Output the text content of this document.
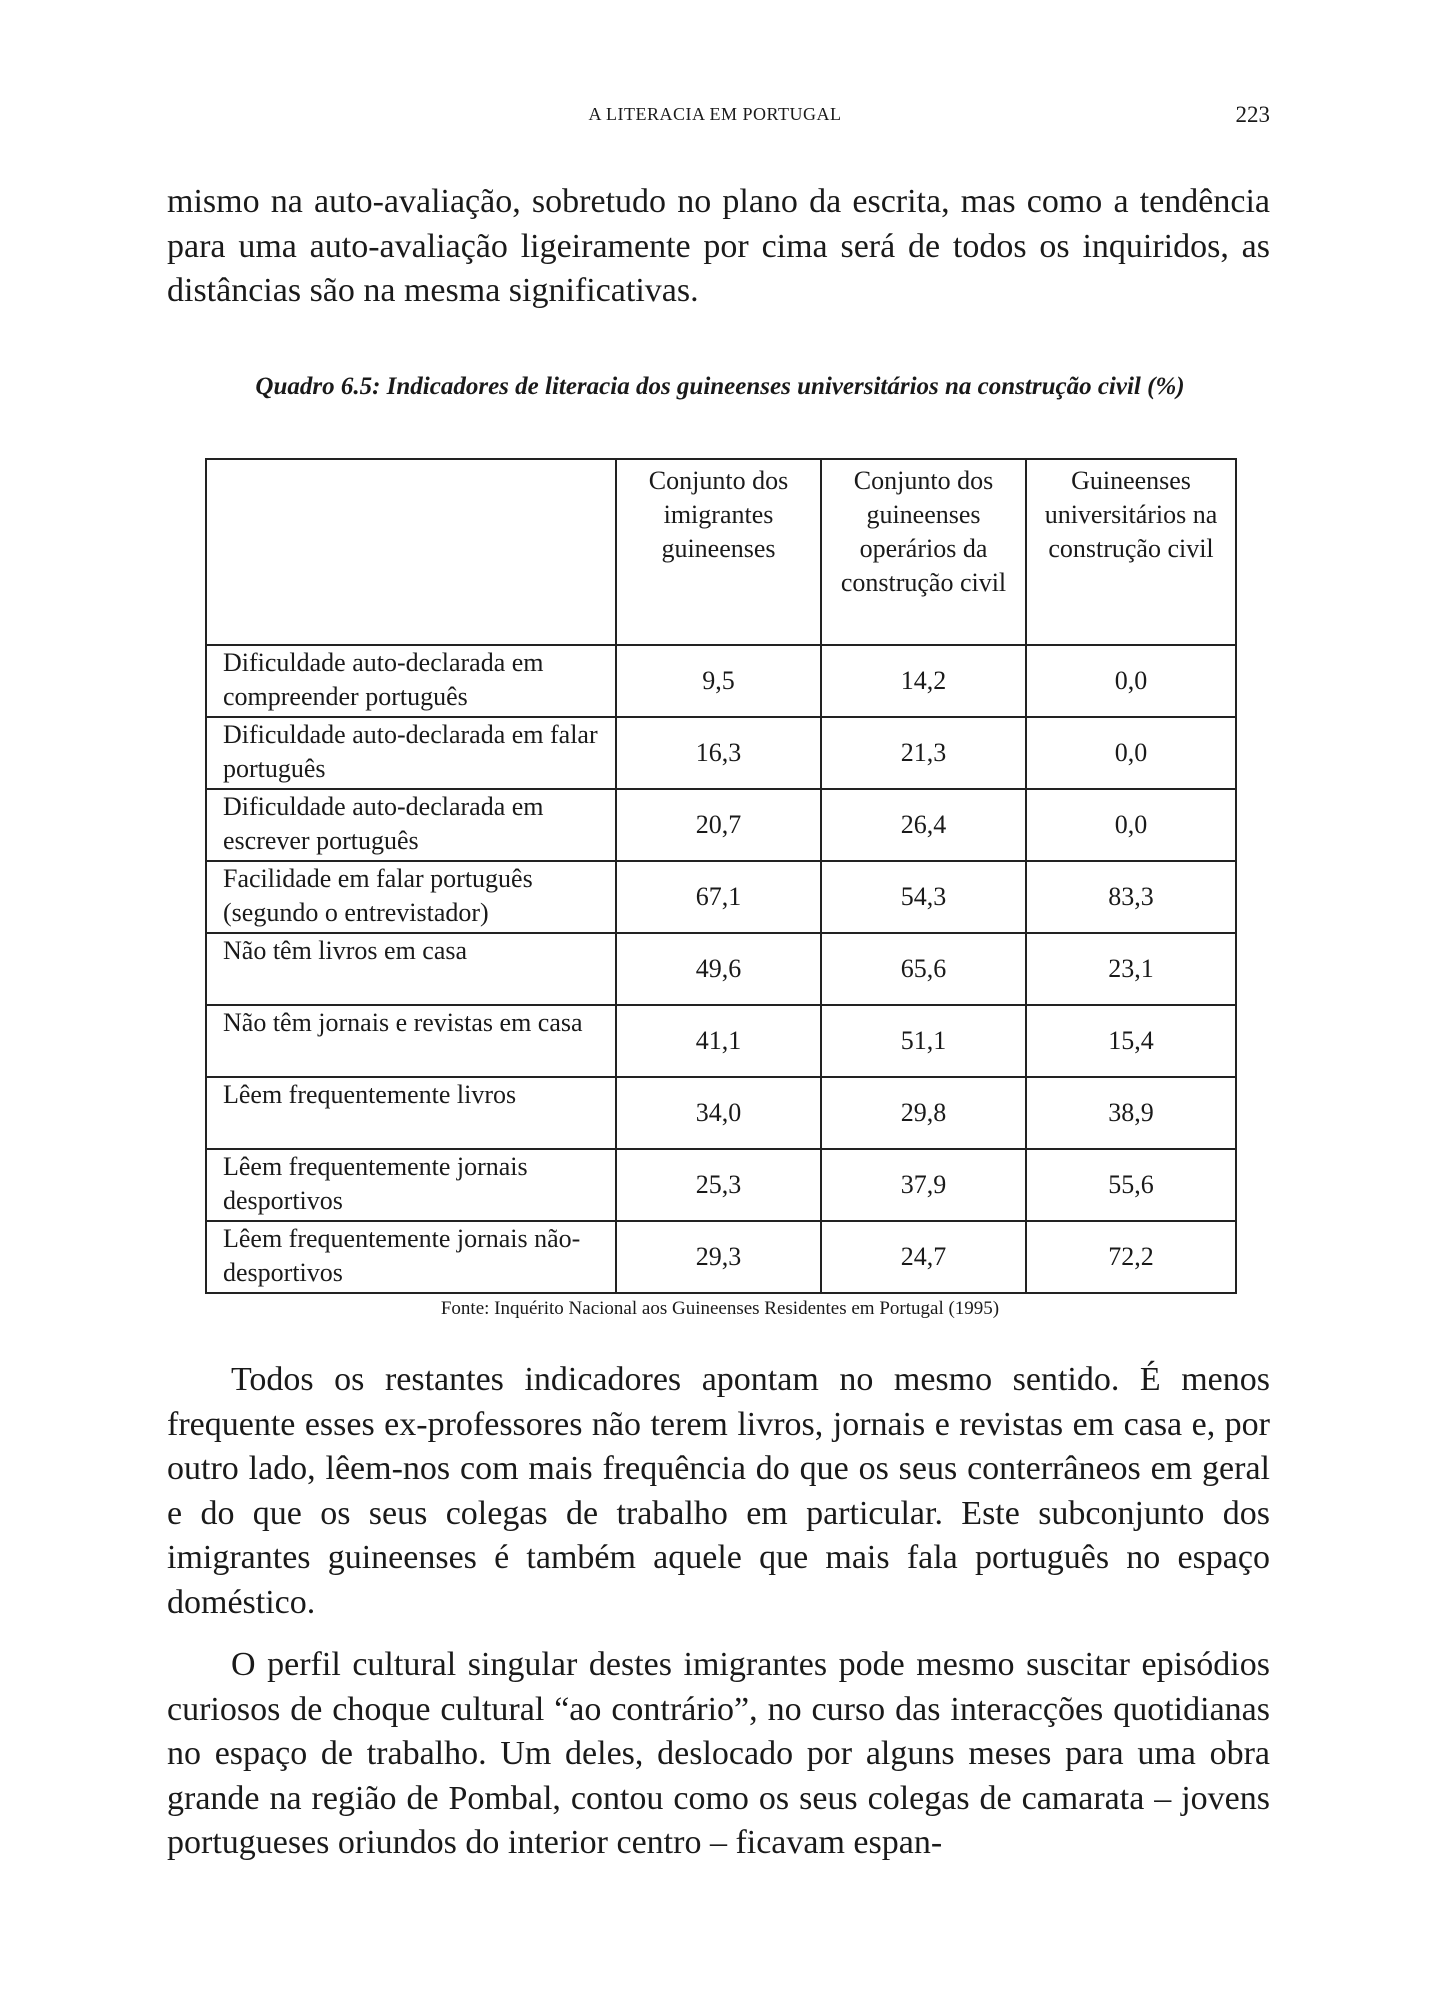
A LITERACIA EM PORTUGAL	223

mismo na auto-avaliação, sobretudo no plano da escrita, mas como a tendência para uma auto-avaliação ligeiramente por cima será de todos os inquiridos, as distâncias são na mesma significativas.

Quadro 6.5: Indicadores de literacia dos guineenses universitários na construção civil (%)

	Conjunto dos imigrantes guineenses	Conjunto dos guineenses operários da construção civil	Guineenses universitários na construção civil
Dificuldade auto-declarada em compreender português	9,5	14,2	0,0
Dificuldade auto-declarada em falar português	16,3	21,3	0,0
Dificuldade auto-declarada em escrever português	20,7	26,4	0,0
Facilidade em falar português (segundo o entrevistador)	67,1	54,3	83,3
Não têm livros em casa	49,6	65,6	23,1
Não têm jornais e revistas em casa	41,1	51,1	15,4
Lêem frequentemente livros	34,0	29,8	38,9
Lêem frequentemente jornais desportivos	25,3	37,9	55,6
Lêem frequentemente jornais não-desportivos	29,3	24,7	72,2

Fonte: Inquérito Nacional aos Guineenses Residentes em Portugal (1995)

Todos os restantes indicadores apontam no mesmo sentido. É menos frequente esses ex-professores não terem livros, jornais e revistas em casa e, por outro lado, lêem-nos com mais frequência do que os seus conterrâneos em geral e do que os seus colegas de trabalho em particular. Este subconjunto dos imigrantes guineenses é também aquele que mais fala português no espaço doméstico.

O perfil cultural singular destes imigrantes pode mesmo suscitar episódios curiosos de choque cultural “ao contrário”, no curso das interacções quotidianas no espaço de trabalho. Um deles, deslocado por alguns meses para uma obra grande na região de Pombal, contou como os seus colegas de camarata – jovens portugueses oriundos do interior centro – ficavam espan-
